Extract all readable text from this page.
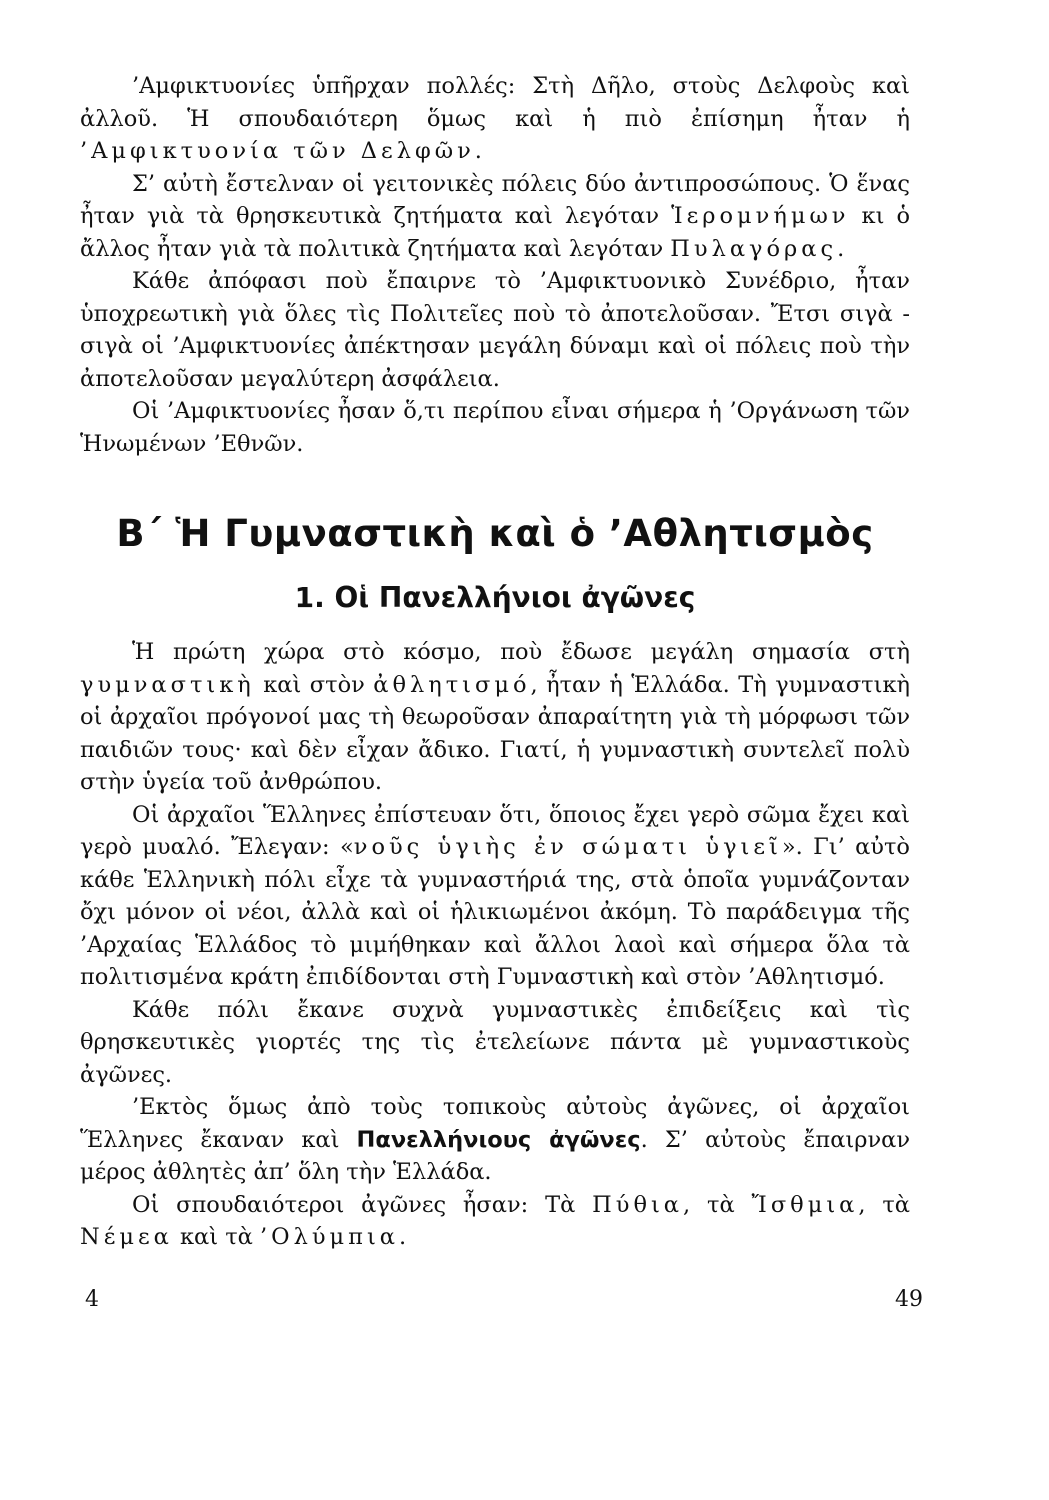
’Αμφικτυονίες ὑπῆρχαν πολλές: Στὴ Δῆλο, στοὺς Δελφοὺς καὶ ἀλλοῦ. Ἡ σπουδαιότερη ὅμως καὶ ἡ πιὸ ἐπίσημη ἦταν ἡ ’Αμφικτυονία τῶν Δελφῶν.

Σ’ αὐτὴ ἔστελναν οἱ γειτονικὲς πόλεις δύο ἀντιπροσώπους. Ὁ ἕνας ἦταν γιὰ τὰ θρησκευτικὰ ζητήματα καὶ λεγόταν Ἱερομνήμων κι ὁ ἄλλος ἦταν γιὰ τὰ πολιτικὰ ζητήματα καὶ λεγόταν Πυλαγόρας.

Κάθε ἀπόφασι ποὺ ἔπαιρνε τὸ ’Αμφικτυονικὸ Συνέδριο, ἦταν ὑποχρεωτικὴ γιὰ ὅλες τὶς Πολιτεῖες ποὺ τὸ ἀποτελοῦσαν. Ἔτσι σιγὰ - σιγὰ οἱ ’Αμφικτυονίες ἀπέκτησαν μεγάλη δύναμι καὶ οἱ πόλεις ποὺ τὴν ἀποτελοῦσαν μεγαλύτερη ἀσφάλεια.

Οἱ ’Αμφικτυονίες ἦσαν ὅ,τι περίπου εἶναι σήμερα ἡ ’Οργάνωση τῶν Ἡνωμένων ’Εθνῶν.

Β΄ Ἡ Γυμναστικὴ καὶ ὁ ’Αθλητισμὸς
1. Οἱ Πανελλήνιοι ἀγῶνες

Ἡ πρώτη χώρα στὸ κόσμο, ποὺ ἔδωσε μεγάλη σημασία στὴ γυμναστικὴ καὶ στὸν ἀθλητισμό, ἦταν ἡ Ἑλλάδα. Τὴ γυμναστικὴ οἱ ἀρχαῖοι πρόγονοί μας τὴ θεωροῦσαν ἀπαραίτητη γιὰ τὴ μόρφωσι τῶν παιδιῶν τους· καὶ δὲν εἶχαν ἄδικο. Γιατί, ἡ γυμναστικὴ συντελεῖ πολὺ στὴν ὑγεία τοῦ ἀνθρώπου.

Οἱ ἀρχαῖοι Ἕλληνες ἐπίστευαν ὅτι, ὅποιος ἔχει γερὸ σῶμα ἔχει καὶ γερὸ μυαλό. Ἔλεγαν: «νοῦς ὑγιὴς ἐν σώματι ὑγιεῖ». Γι’ αὐτὸ κάθε Ἑλληνικὴ πόλι εἶχε τὰ γυμναστήριά της, στὰ ὁποῖα γυμνάζονταν ὄχι μόνον οἱ νέοι, ἀλλὰ καὶ οἱ ἡλικιωμένοι ἀκόμη. Τὸ παράδειγμα τῆς ’Αρχαίας Ἑλλάδος τὸ μιμήθηκαν καὶ ἄλλοι λαοὶ καὶ σήμερα ὅλα τὰ πολιτισμένα κράτη ἐπιδίδονται στὴ Γυμναστικὴ καὶ στὸν ’Αθλητισμό.

Κάθε πόλι ἔκανε συχνὰ γυμναστικὲς ἐπιδείξεις καὶ τὶς θρησκευτικὲς γιορτές της τὶς ἐτελείωνε πάντα μὲ γυμναστικοὺς ἀγῶνες.

’Εκτὸς ὅμως ἀπὸ τοὺς τοπικοὺς αὐτοὺς ἀγῶνες, οἱ ἀρχαῖοι Ἕλληνες ἔκαναν καὶ Πανελλήνιους ἀγῶνες. Σ’ αὐτοὺς ἔπαιρναν μέρος ἀθλητὲς ἀπ’ ὅλη τὴν Ἑλλάδα.

Οἱ σπουδαιότεροι ἀγῶνες ἦσαν: Τὰ Πύθια, τὰ Ἴσθμια, τὰ Νέμεα καὶ τὰ ’Ολύμπια.

4	49
